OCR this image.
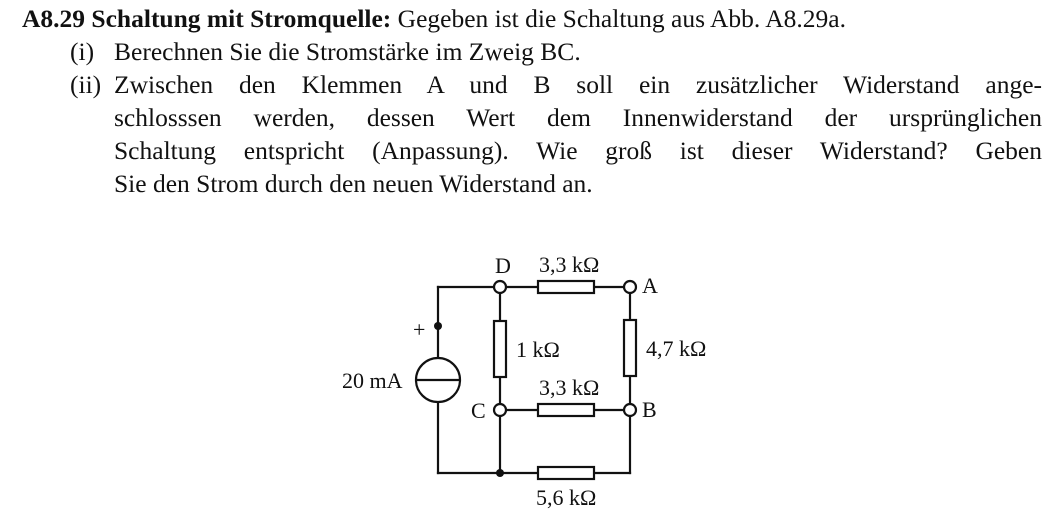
A8.29 Schaltung mit Stromquelle: Gegeben ist die Schaltung aus Abb. A8.29a.
(i) Berechnen Sie die Stromstärke im Zweig BC.
(ii) Zwischen den Klemmen A und B soll ein zusätzlicher Widerstand ange-
schlosssen werden, dessen Wert dem Innenwiderstand der ursprünglichen
Schaltung entspricht (Anpassung). Wie groß ist dieser Widerstand? Geben
Sie den Strom durch den neuen Widerstand an.
D
A
C	B
+
20 mA
3,3 kΩ
1 kΩ	4,7 kΩ
3,3 kΩ
5,6 kΩ
